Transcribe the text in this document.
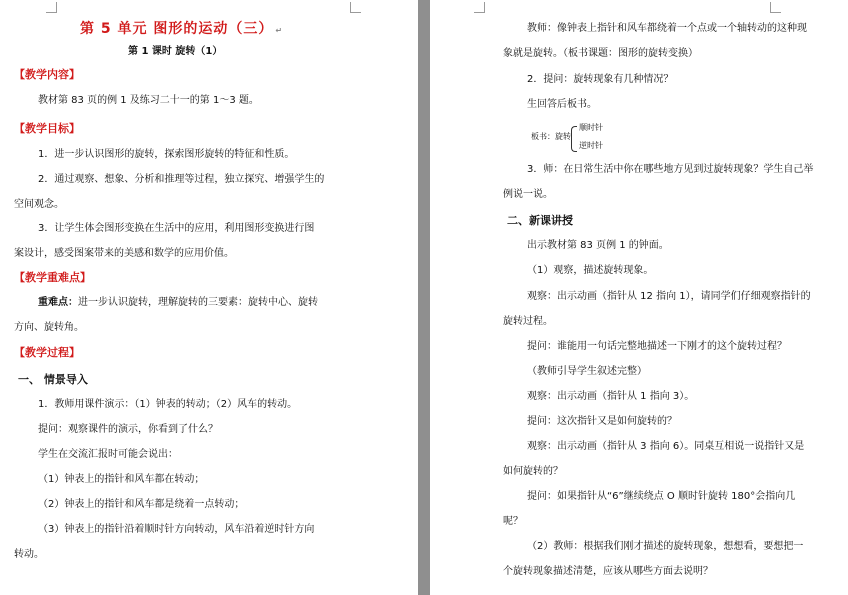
第 5 单元 图形的运动（三） ↵
第 1 课时 旋转（1）
【教学内容】
教材第 83 页的例 1 及练习二十一的第 1～3 题。
【教学目标】
1．进一步认识图形的旋转，探索图形旋转的特征和性质。
2．通过观察、想象、分析和推理等过程，独立探究、增强学生的
空间观念。
3．让学生体会图形变换在生活中的应用，利用图形变换进行图
案设计，感受图案带来的美感和数学的应用价值。
【教学重难点】
重难点：进一步认识旋转，理解旋转的三要素：旋转中心、旋转
方向、旋转角。
【教学过程】
一、 情景导入
1．教师用课件演示：（1）钟表的转动；（2）风车的转动。
提问：观察课件的演示，你看到了什么？
学生在交流汇报时可能会说出：
（1）钟表上的指针和风车都在转动；
（2）钟表上的指针和风车都是绕着一点转动；
（3）钟表上的指针沿着顺时针方向转动，风车沿着逆时针方向
转动。
教师：像钟表上指针和风车都绕着一个点或一个轴转动的这种现
象就是旋转。（板书课题：图形的旋转变换）
2．提问：旋转现象有几种情况？
生回答后板书。
板书：旋转
顺时针
逆时针
3．师：在日常生活中你在哪些地方见到过旋转现象？学生自己举
例说一说。
二、新课讲授
出示教材第 83 页例 1 的钟面。
（1）观察，描述旋转现象。
观察：出示动画（指针从 12 指向 1），请同学们仔细观察指针的
旋转过程。
提问：谁能用一句话完整地描述一下刚才的这个旋转过程？
（教师引导学生叙述完整）
观察：出示动画（指针从 1 指向 3）。
提问：这次指针又是如何旋转的？
观察：出示动画（指针从 3 指向 6）。同桌互相说一说指针又是
如何旋转的？
提问：如果指针从“6”继续绕点 O 顺时针旋转 180°会指向几
呢？
（2）教师：根据我们刚才描述的旋转现象，想想看，要想把一
个旋转现象描述清楚，应该从哪些方面去说明？
